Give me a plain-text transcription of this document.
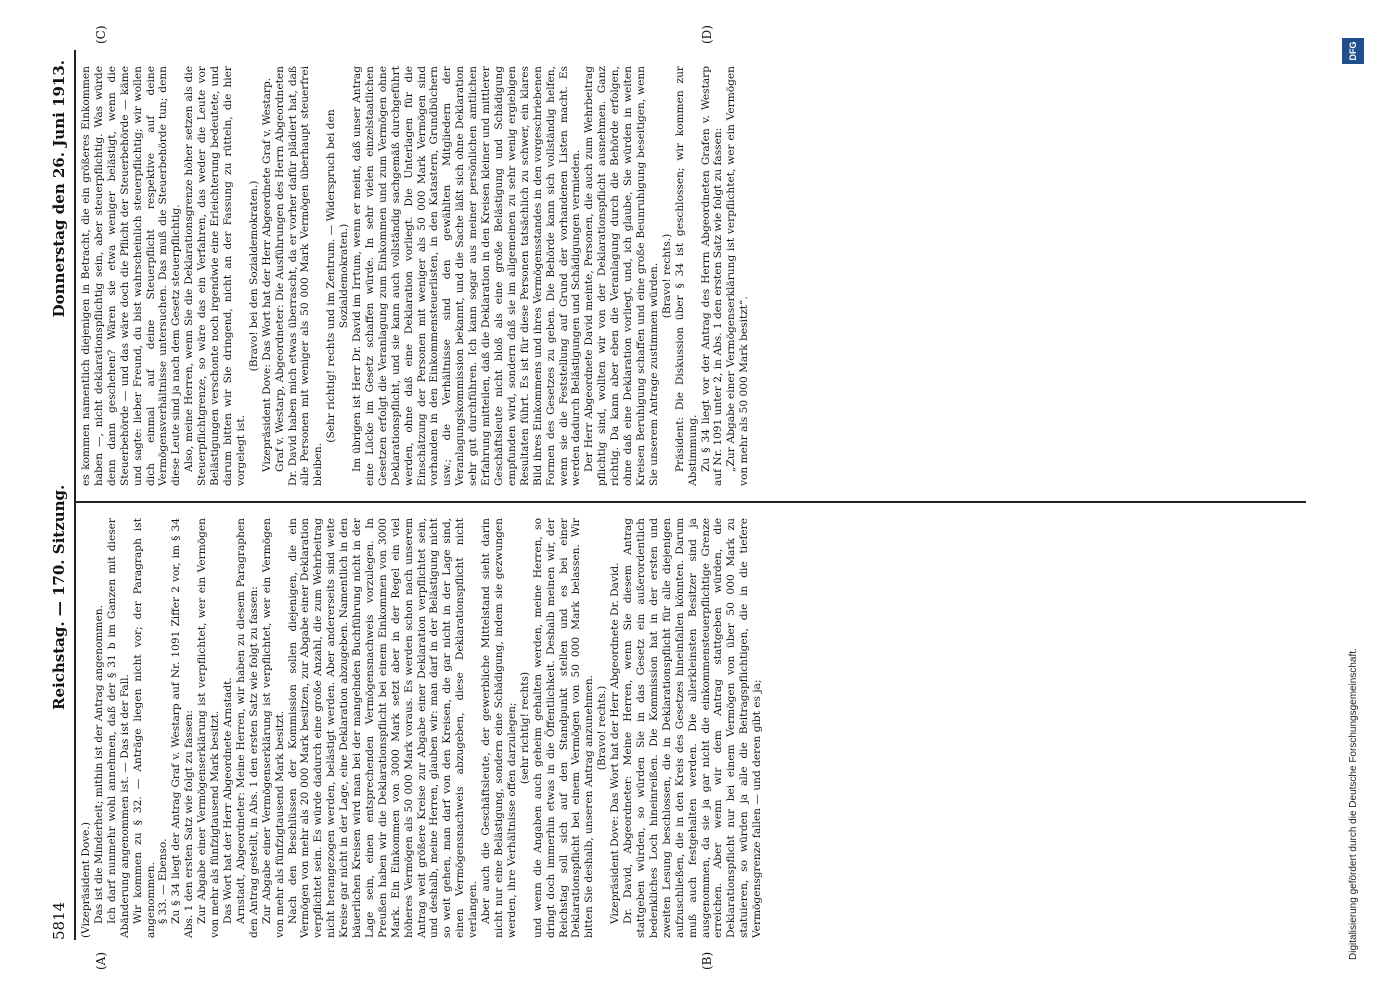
5814
Reichstag. — 170. Sitzung.
Donnerstag den 26. Juni 1913.
(A)	(B)
(C)	(D)

(Vizepräsident Dove.) Das ist die Minderheit; mithin ist der Antrag angenommen. Ich darf nunmehr wohl annehmen, daß der § 31 b im Ganzen mit dieser Abänderung angenommen ist. — Das ist der Fall. Wir kommen zu § 32. — Anträge liegen nicht vor; der Paragraph ist angenommen. § 33. — Ebenso. Zu § 34 liegt der Antrag Graf v. Westarp auf Nr. 1091 Ziffer 2 vor, im § 34 Abs. 1 den ersten Satz wie folgt zu fassen: Zur Abgabe einer Vermögenserklärung ist verpflichtet, wer ein Vermögen von mehr als fünfzigtausend Mark besitzt. Das Wort hat der Herr Abgeordnete Arnstadt. Arnstadt, Abgeordneter: Meine Herren, wir haben zu diesem Paragraphen den Antrag gestellt, in Abs. 1 den ersten Satz wie folgt zu fassen: Zur Abgabe einer Vermögenserklärung ist verpflichtet, wer ein Vermögen von mehr als fünfzigtausend Mark besitzt. Nach den Beschlüssen der Kommission sollen diejenigen, die ein Vermögen von mehr als 20 000 Mark besitzen, zur Abgabe einer Deklaration verpflichtet sein. Es würde dadurch eine große Anzahl, die zum Wehrbeitrag nicht herangezogen werden, belästigt werden. Aber andererseits sind weite Kreise gar nicht in der Lage, eine Deklaration abzugeben. Namentlich in den bäuerlichen Kreisen wird man bei der mangelnden Buchführung nicht in der Lage sein, einen entsprechenden Vermögensnachweis vorzulegen. In Preußen haben wir die Deklarationspflicht bei einem Einkommen von 3000 Mark. Ein Einkommen von 3000 Mark setzt aber in der Regel ein viel höheres Vermögen als 50 000 Mark voraus. Es werden schon nach unserem Antrag weit größere Kreise zur Abgabe einer Deklaration verpflichtet sein, und deshalb, meine Herren, glauben wir: man darf in der Belästigung nicht so weit gehen, man darf von den Kreisen, die gar nicht in der Lage sind, einen Vermögensnachweis abzugeben, diese Deklarationspflicht nicht verlangen. Aber auch die Geschäftsleute, der gewerbliche Mittelstand sieht darin nicht nur eine Belästigung, sondern eine Schädigung, indem sie gezwungen werden, ihre Verhältnisse offen darzulegen; (sehr richtig! rechts) und wenn die Angaben auch geheim gehalten werden, meine Herren, so dringt doch immerhin etwas in die Öffentlichkeit. Deshalb meinen wir, der Reichstag soll sich auf den Standpunkt stellen und es bei einer Deklarationspflicht bei einem Vermögen von 50 000 Mark belassen. Wir bitten Sie deshalb, unseren Antrag anzunehmen. (Bravo! rechts.) Vizepräsident Dove: Das Wort hat der Herr Abgeordnete Dr. David. Dr. David, Abgeordneter: Meine Herren, wenn Sie diesem Antrag stattgeben würden, so würden Sie in das Gesetz ein außerordentlich bedenkliches Loch hineinreißen. Die Kommission hat in der ersten und zweiten Lesung beschlossen, die in Deklarationspflicht für alle diejenigen aufzuschließen, die in den Kreis des Gesetzes hineinfallen könnten. Darum muß auch festgehalten werden. Die allerkleinsten Besitzer sind ja ausgenommen, da sie ja gar nicht die einkommensteuerpflichtige Grenze erreichen. Aber wenn wir dem Antrag stattgeben würden, die Deklarationspflicht nur bei einem Vermögen von über 50 000 Mark zu statuieren, so würden ja alle die Beitragspflichtigen, die in die tiefere Vermögensgrenze fallen — und deren gibt es ja;

es kommen namentlich diejenigen in Betracht, die ein größeres Einkommen haben —, nicht deklarationspflichtig sein, aber steuerpflichtig. Was würde denn dann geschehen? Wären sie etwa weniger belästigt, wenn die Steuerbehörde — und das wäre doch die Pflicht der Steuerbehörde — käme und sagte: lieber Freund, du bist wahrscheinlich steuerpflichtig; wir wollen dich einmal auf deine Steuerpflicht respektive auf deine Vermögensverhältnisse untersuchen. Das muß die Steuerbehörde tun; denn diese Leute sind ja nach dem Gesetz steuerpflichtig. Also, meine Herren, wenn Sie die Deklarationsgrenze höher setzen als die Steuerpflichtgrenze, so wäre das ein Verfahren, das weder die Leute vor Belästigungen verschonte noch irgendwie eine Erleichterung bedeutete, und darum bitten wir Sie dringend, nicht an der Fassung zu rütteln, die hier vorgelegt ist.

(Bravo! bei den Sozialdemokraten.) Vizepräsident Dove: Das Wort hat der Herr Abgeordnete Graf v. Westarp. Graf v. Westarp, Abgeordneter: Die Ausführungen des Herrn Abgeordneten Dr. David haben mich etwas überrascht, da er vorher dafür plädiert hat, daß alle Personen mit weniger als 50 000 Mark Vermögen überhaupt steuerfrei bleiben.

(Sehr richtig! rechts und im Zentrum. — Widerspruch bei den Sozialdemokraten.) Im übrigen ist Herr Dr. David im Irrtum, wenn er meint, daß unser Antrag eine Lücke im Gesetz schaffen würde. In sehr vielen einzelstaatlichen Gesetzen erfolgt die Veranlagung zum Einkommen und zum Vermögen ohne Deklarationspflicht, und sie kann auch vollständig sachgemäß durchgeführt werden, ohne daß eine Deklaration vorliegt. Die Unterlagen für die Einschätzung der Personen mit weniger als 50 000 Mark Vermögen sind vorhanden in den Einkommensteuerlisten, in den Katastern, Grundbüchern usw.; die Verhältnisse sind den gewählten Mitgliedern der Veranlagungskommission bekannt, und die Sache läßt sich ohne Deklaration sehr gut durchführen. Ich kann sogar aus meiner persönlichen amtlichen Erfahrung mitteilen, daß die Deklaration in den Kreisen kleiner und mittlerer Geschäftsleute nicht bloß als eine große Belästigung und Schädigung empfunden wird, sondern daß sie im allgemeinen zu sehr wenig ergiebigen Resultaten führt. Es ist für diese Personen tatsächlich zu schwer, ein klares Bild ihres Einkommens und ihres Vermögensstandes in den vorgeschriebenen Formen des Gesetzes zu geben. Die Behörde kann sich vollständig helfen, wenn sie die Feststellung auf Grund der vorhandenen Listen macht. Es werden dadurch Belästigungen und Schädigungen vermieden. Der Herr Abgeordnete David meinte, Personen, die auch zum Wehrbeitrag pflichtig sind, wollten wir von der Deklarationspflicht ausnehmen. Ganz richtig. Da kann aber eben die Veranlagung durch die Behörde erfolgen, ohne daß eine Deklaration vorliegt, und, ich glaube, Sie würden in weiten Kreisen Beruhigung schaffen und eine große Beunruhigung beseitigen, wenn Sie unserem Antrage zustimmen würden. (Bravo! rechts.) Präsident: Die Diskussion über § 34 ist geschlossen; wir kommen zur Abstimmung. Zu § 34 liegt vor der Antrag des Herrn Abgeordneten Grafen v. Westarp auf Nr. 1091 unter 2, in Abs. 1 den ersten Satz wie folgt zu fassen: „Zur Abgabe einer Vermögenserklärung ist verpflichtet, wer ein Vermögen von mehr als 50 000 Mark besitzt“.

Digitalisierung gefördert durch die Deutsche Forschungsgemeinschaft.
DFG
